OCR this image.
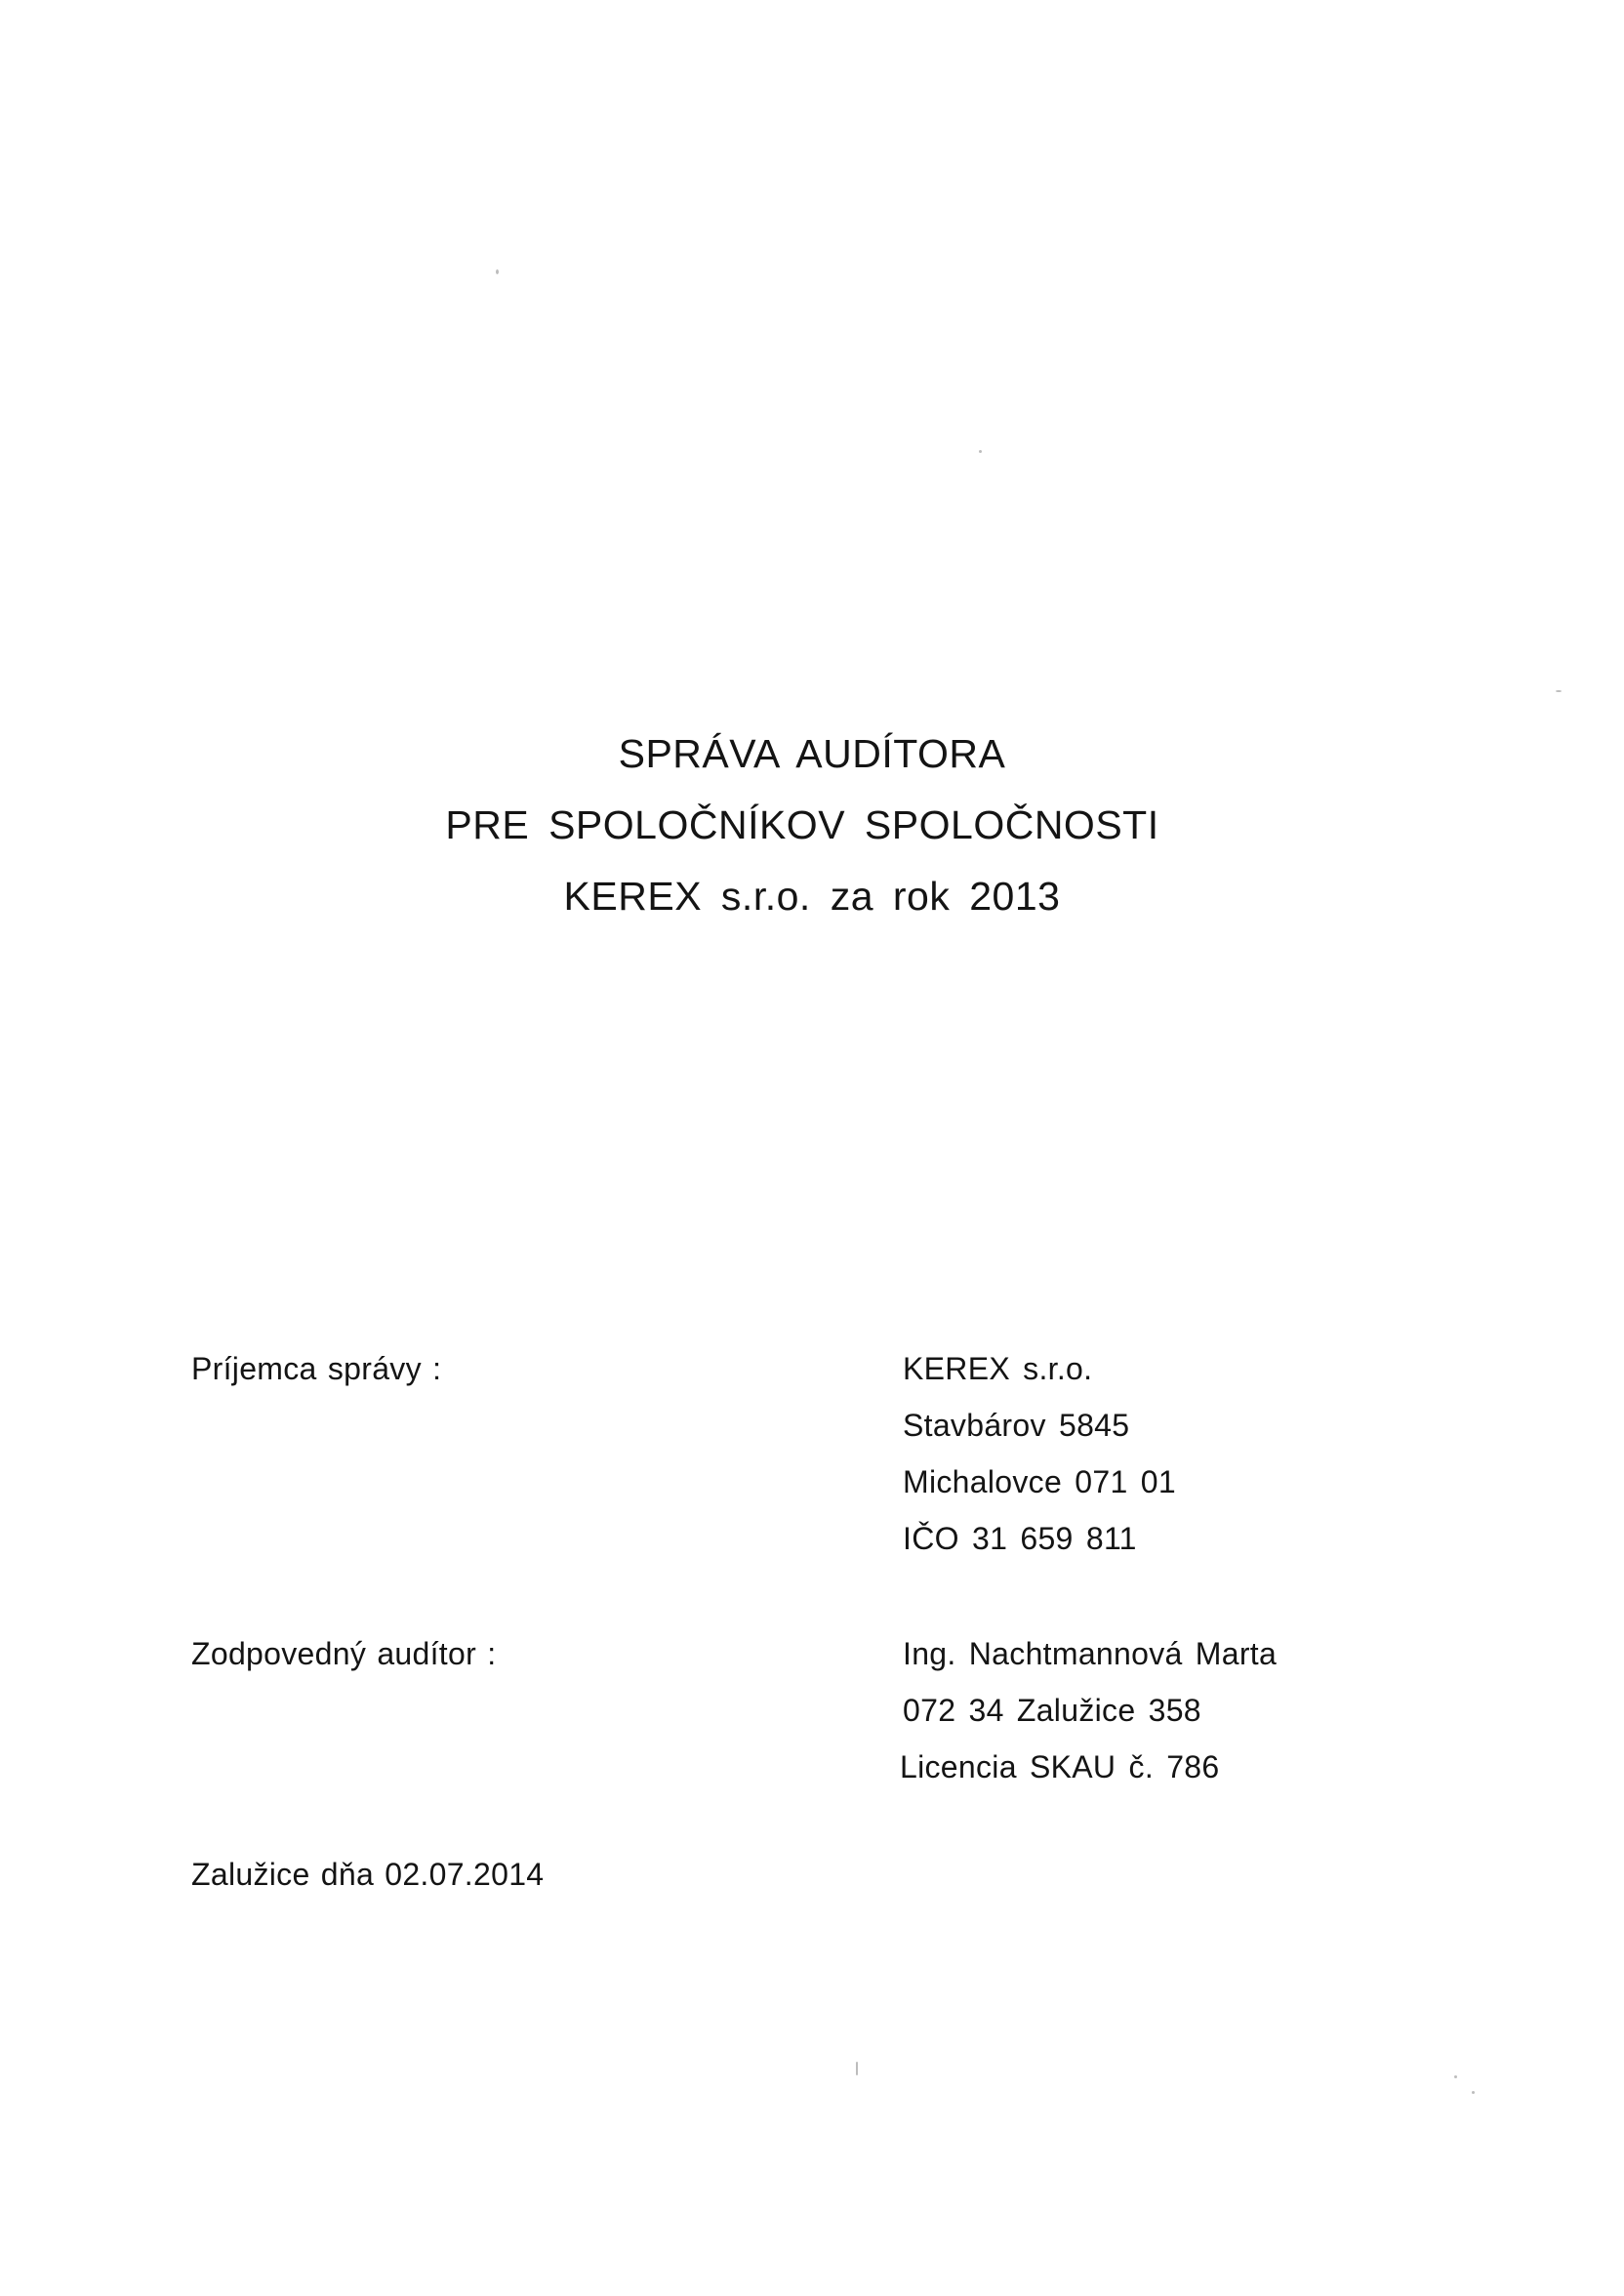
SPRÁVA AUDÍTORA
PRE SPOLOČNÍKOV SPOLOČNOSTI
KEREX s.r.o. za rok 2013
Príjemca správy :	KEREX s.r.o.
Stavbárov 5845
Michalovce 071 01
IČO 31 659 811
Zodpovedný audítor :	Ing. Nachtmannová Marta
072 34 Zalužice 358
Licencia SKAU č. 786
Zalužice dňa 02.07.2014
